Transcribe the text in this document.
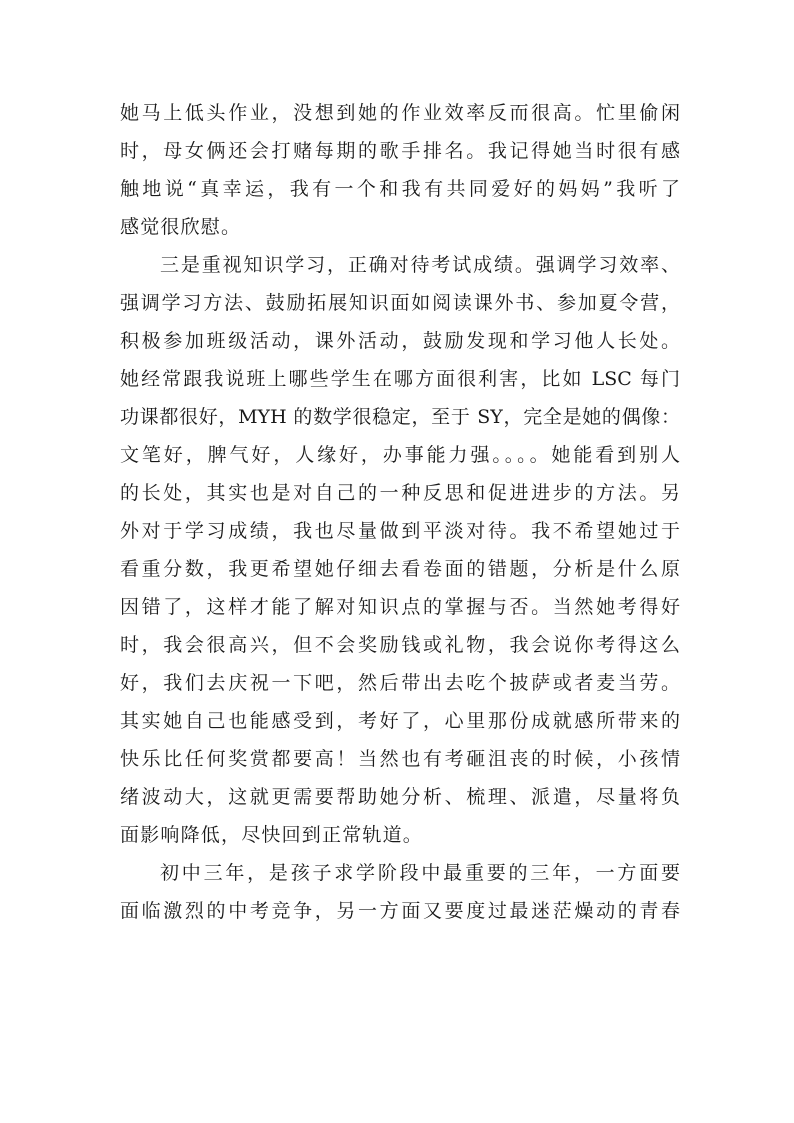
她马上低头作业，没想到她的作业效率反而很高。忙里偷闲
时，母女俩还会打赌每期的歌手排名。我记得她当时很有感
触地说“真幸运，我有一个和我有共同爱好的妈妈”我听了
感觉很欣慰。
三是重视知识学习，正确对待考试成绩。强调学习效率、
强调学习方法、鼓励拓展知识面如阅读课外书、参加夏令营，
积极参加班级活动，课外活动，鼓励发现和学习他人长处。
她经常跟我说班上哪些学生在哪方面很利害，比如 LSC 每门
功课都很好，MYH 的数学很稳定，至于 SY，完全是她的偶像：
文笔好，脾气好，人缘好，办事能力强。。。。她能看到别人
的长处，其实也是对自己的一种反思和促进进步的方法。另
外对于学习成绩，我也尽量做到平淡对待。我不希望她过于
看重分数，我更希望她仔细去看卷面的错题，分析是什么原
因错了，这样才能了解对知识点的掌握与否。当然她考得好
时，我会很高兴，但不会奖励钱或礼物，我会说你考得这么
好，我们去庆祝一下吧，然后带出去吃个披萨或者麦当劳。
其实她自己也能感受到，考好了，心里那份成就感所带来的
快乐比任何奖赏都要高！当然也有考砸沮丧的时候，小孩情
绪波动大，这就更需要帮助她分析、梳理、派遣，尽量将负
面影响降低，尽快回到正常轨道。
初中三年，是孩子求学阶段中最重要的三年，一方面要
面临激烈的中考竞争，另一方面又要度过最迷茫燥动的青春
